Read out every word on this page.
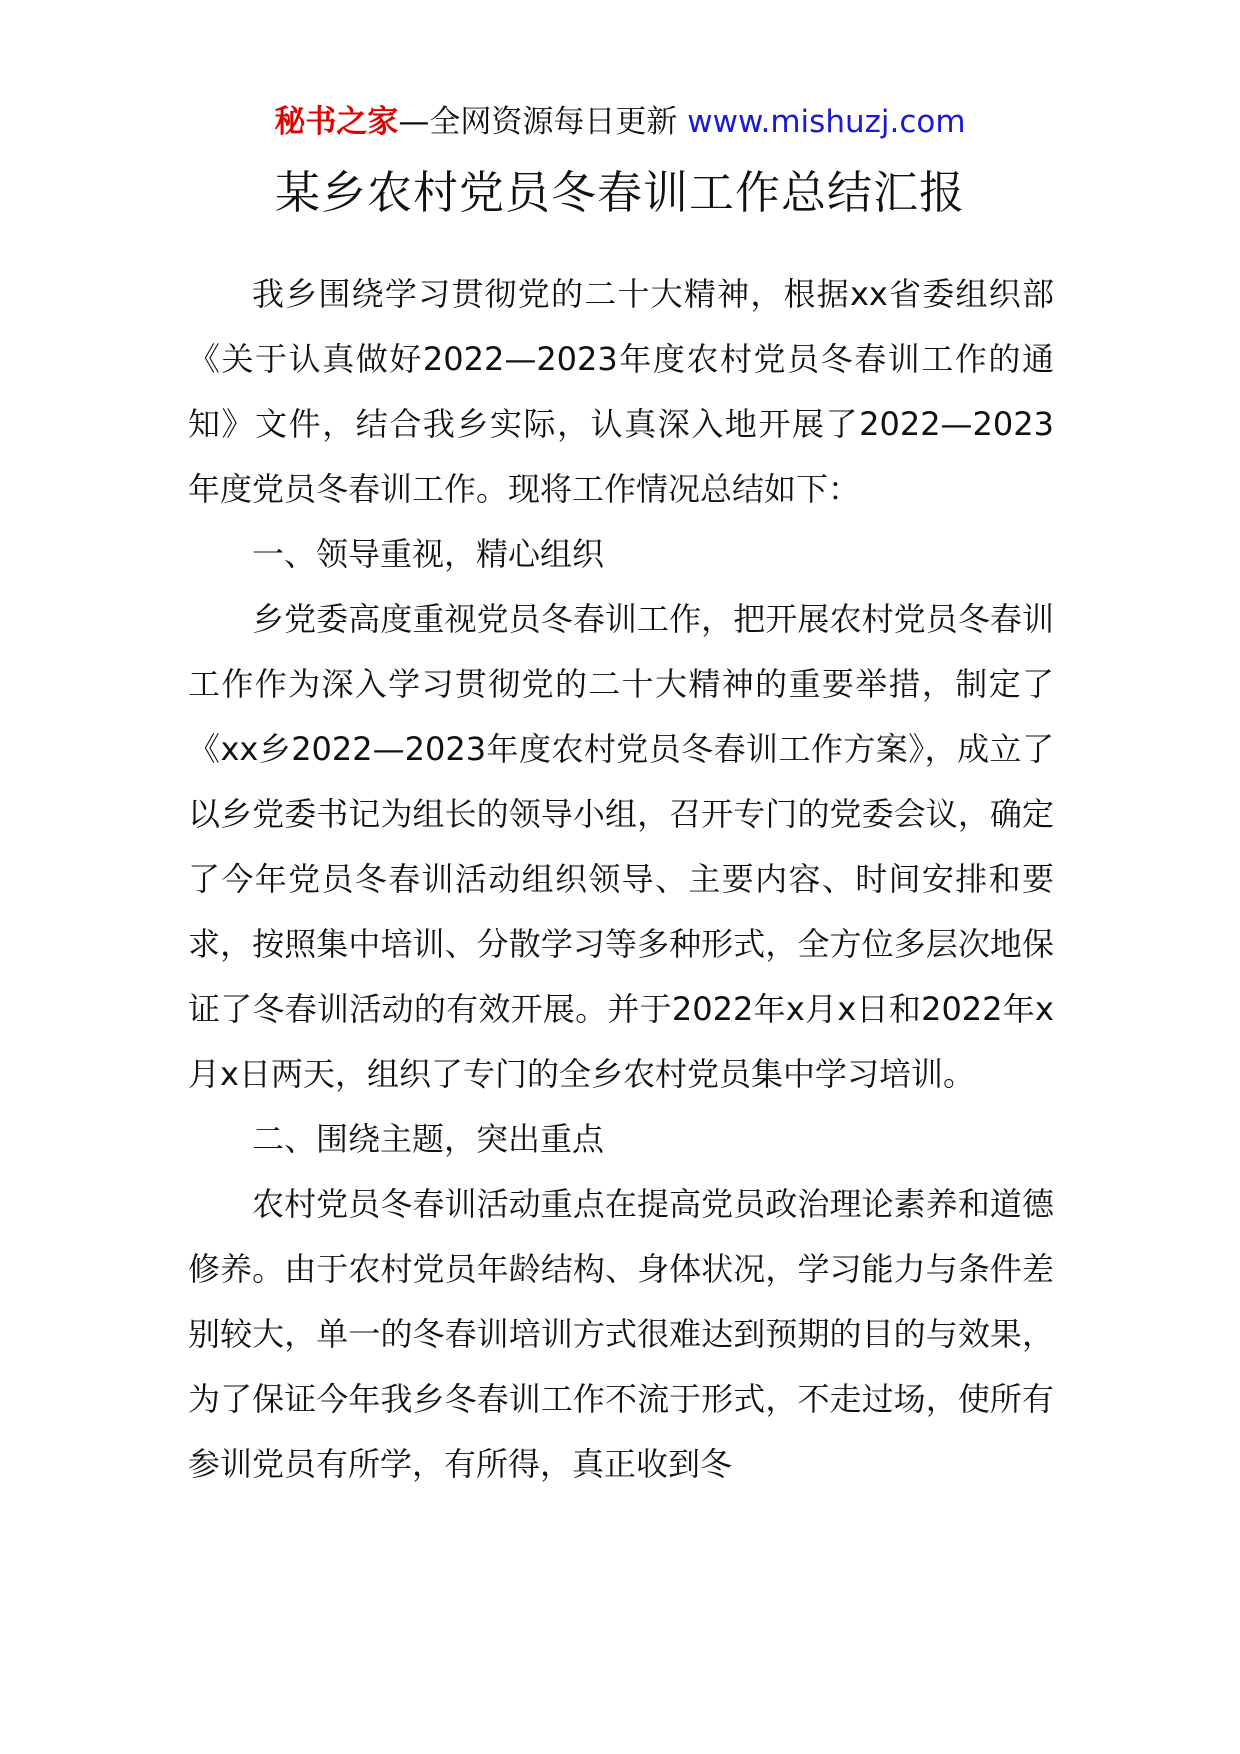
秘书之家—全网资源每日更新 www.mishuzj.com
某乡农村党员冬春训工作总结汇报

我乡围绕学习贯彻党的二十大精神，根据xx省委组织部《关于认真做好2022—2023年度农村党员冬春训工作的通知》文件，结合我乡实际，认真深入地开展了2022—2023年度党员冬春训工作。现将工作情况总结如下：

一、领导重视，精心组织

乡党委高度重视党员冬春训工作，把开展农村党员冬春训工作作为深入学习贯彻党的二十大精神的重要举措，制定了《xx乡2022—2023年度农村党员冬春训工作方案》，成立了以乡党委书记为组长的领导小组，召开专门的党委会议，确定了今年党员冬春训活动组织领导、主要内容、时间安排和要求，按照集中培训、分散学习等多种形式，全方位多层次地保证了冬春训活动的有效开展。并于2022年x月x日和2022年x月x日两天，组织了专门的全乡农村党员集中学习培训。

二、围绕主题，突出重点

农村党员冬春训活动重点在提高党员政治理论素养和道德修养。由于农村党员年龄结构、身体状况，学习能力与条件差别较大，单一的冬春训培训方式很难达到预期的目的与效果，为了保证今年我乡冬春训工作不流于形式，不走过场，使所有参训党员有所学，有所得，真正收到冬
